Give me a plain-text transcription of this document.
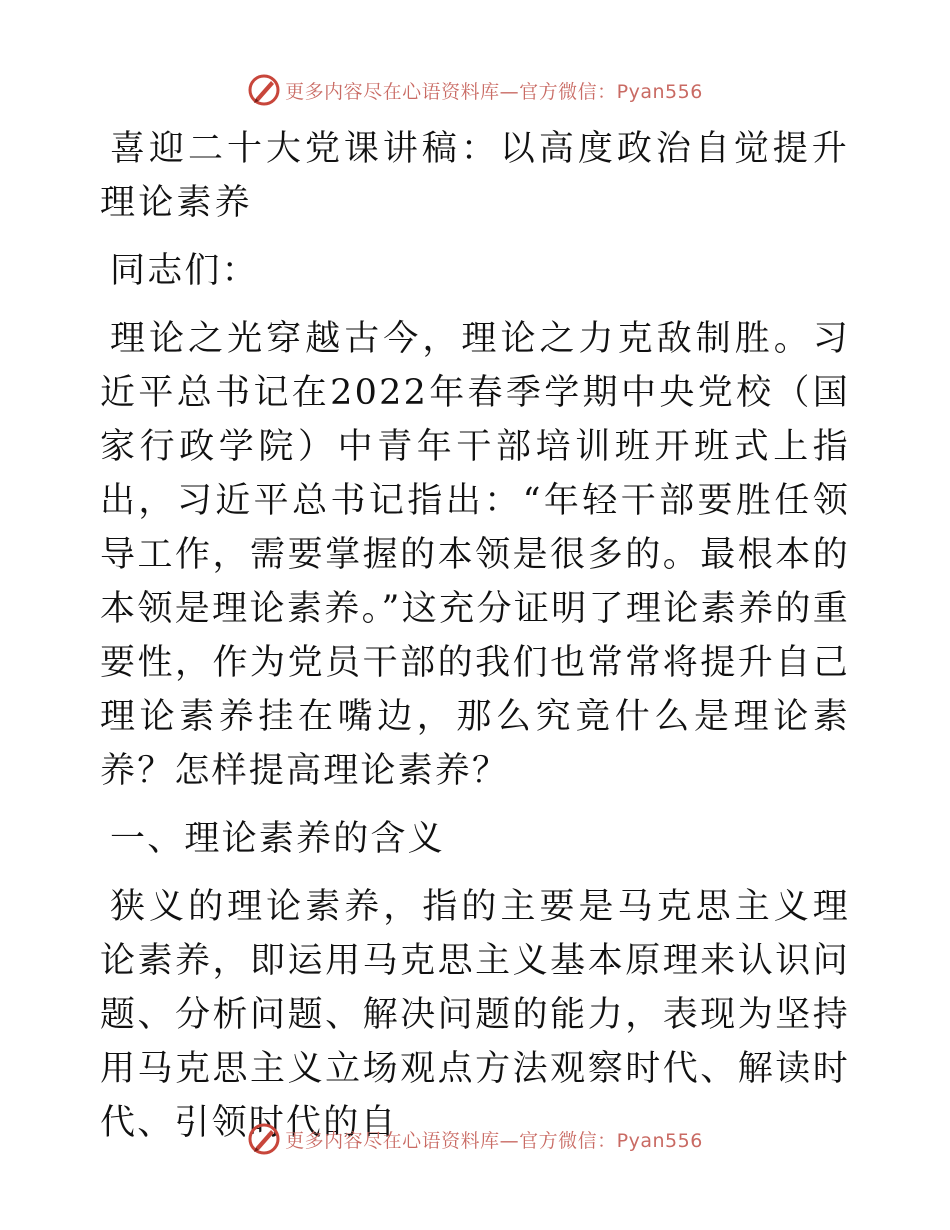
更多内容尽在心语资料库—官方微信：Pyan556

喜迎二十大党课讲稿：以高度政治自觉提升理论素养

同志们：

理论之光穿越古今，理论之力克敌制胜。习近平总书记在2022年春季学期中央党校（国家行政学院）中青年干部培训班开班式上指出，习近平总书记指出：“年轻干部要胜任领导工作，需要掌握的本领是很多的。最根本的本领是理论素养。”这充分证明了理论素养的重要性，作为党员干部的我们也常常将提升自己理论素养挂在嘴边，那么究竟什么是理论素养？怎样提高理论素养？

一、理论素养的含义

狭义的理论素养，指的主要是马克思主义理论素养，即运用马克思主义基本原理来认识问题、分析问题、解决问题的能力，表现为坚持用马克思主义立场观点方法观察时代、解读时代、引领时代的自

更多内容尽在心语资料库—官方微信：Pyan556
